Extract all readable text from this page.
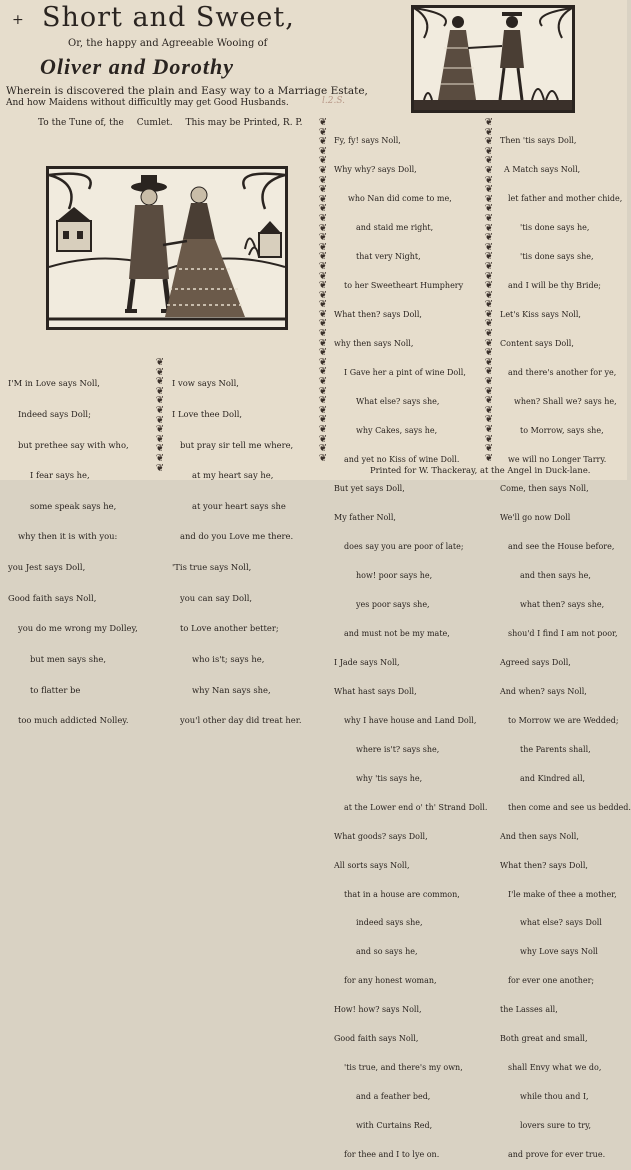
+ Short and Sweet,
Or, the happy and Agreeable Wooing of
Oliver and Dorothy
Wherein is discovered the plain and Easy way to a Marriage Estate,
And how Maidens without difficultly may get Good Husbands.
To the Tune of, the Cumlet. This may be Printed, R. P.
l.2.S.
❦
❦
❦
❦
❦
❦
❦
❦
❦
❦
❦
❦
❦
❦
❦
❦
❦
❦
❦
❦
❦
❦
❦
❦
❦
❦
❦
❦
❦
❦
❦
❦
❦
❦
❦
❦
❦
❦
❦
❦
❦
❦
❦
❦
❦
❦
❦
❦
❦
❦
❦
❦
❦
❦
❦
❦
❦
❦
❦
❦
❦
❦
❦
❦
❦
❦
❦
❦
❦
❦
❦
❦
❦
❦
❦
❦
❦
❦
❦
❦
❦
❦
❦
❦

I'M in Love says Noll,

Indeed says Doll;

but prethee say with who,

I fear says he,

some speak says he,

why then it is with you:

you Jest says Doll,

Good faith says Noll,

you do me wrong my Dolley,

but men says she,

to flatter be

too much addicted Nolley.

I vow says Noll,

I Love thee Doll,

but pray sir tell me where,

at my heart say he,

at your heart says she

and do you Love me there.

'Tis true says Noll,

you can say Doll,

to Love another better;

who is't; says he,

why Nan says she,

you'l other day did treat her.

Fy, fy! says Noll,

Why why? says Doll,

who Nan did come to me,

and staid me right,

that very Night,

to her Sweetheart Humphery

What then? says Doll,

why then says Noll,

I Gave her a pint of wine Doll,

What else? says she,

why Cakes, says he,

and yet no Kiss of wine Doll.

But yet says Doll,

My father Noll,

does say you are poor of late;

how! poor says he,

yes poor says she,

and must not be my mate,

I Jade says Noll,

What hast says Doll,

why I have house and Land Doll,

where is't? says she,

why 'tis says he,

at the Lower end o' th' Strand Doll.

What goods? says Doll,

All sorts says Noll,

that in a house are common,

indeed says she,

and so says he,

for any honest woman,

How! how? says Noll,

Good faith says Noll,

'tis true, and there's my own,

and a feather bed,

with Curtains Red,

for thee and I to lye on.

Then 'tis says Doll,

A Match says Noll,

let father and mother chide,

'tis done says he,

'tis done says she,

and I will be thy Bride;

Let's Kiss says Noll,

Content says Doll,

and there's another for ye,

when? Shall we? says he,

to Morrow, says she,

we will no Longer Tarry.

Come, then says Noll,

We'll go now Doll

and see the House before,

and then says he,

what then? says she,

shou'd I find I am not poor,

Agreed says Doll,

And when? says Noll,

to Morrow we are Wedded;

the Parents shall,

and Kindred all,

then come and see us bedded.

And then says Noll,

What then? says Doll,

I'le make of thee a mother,

what else? says Doll

why Love says Noll

for ever one another;

the Lasses all,

Both great and small,

shall Envy what we do,

while thou and I,

lovers sure to try,

and prove for ever true.

Printed for W. Thackeray, at the Angel in Duck-lane.
